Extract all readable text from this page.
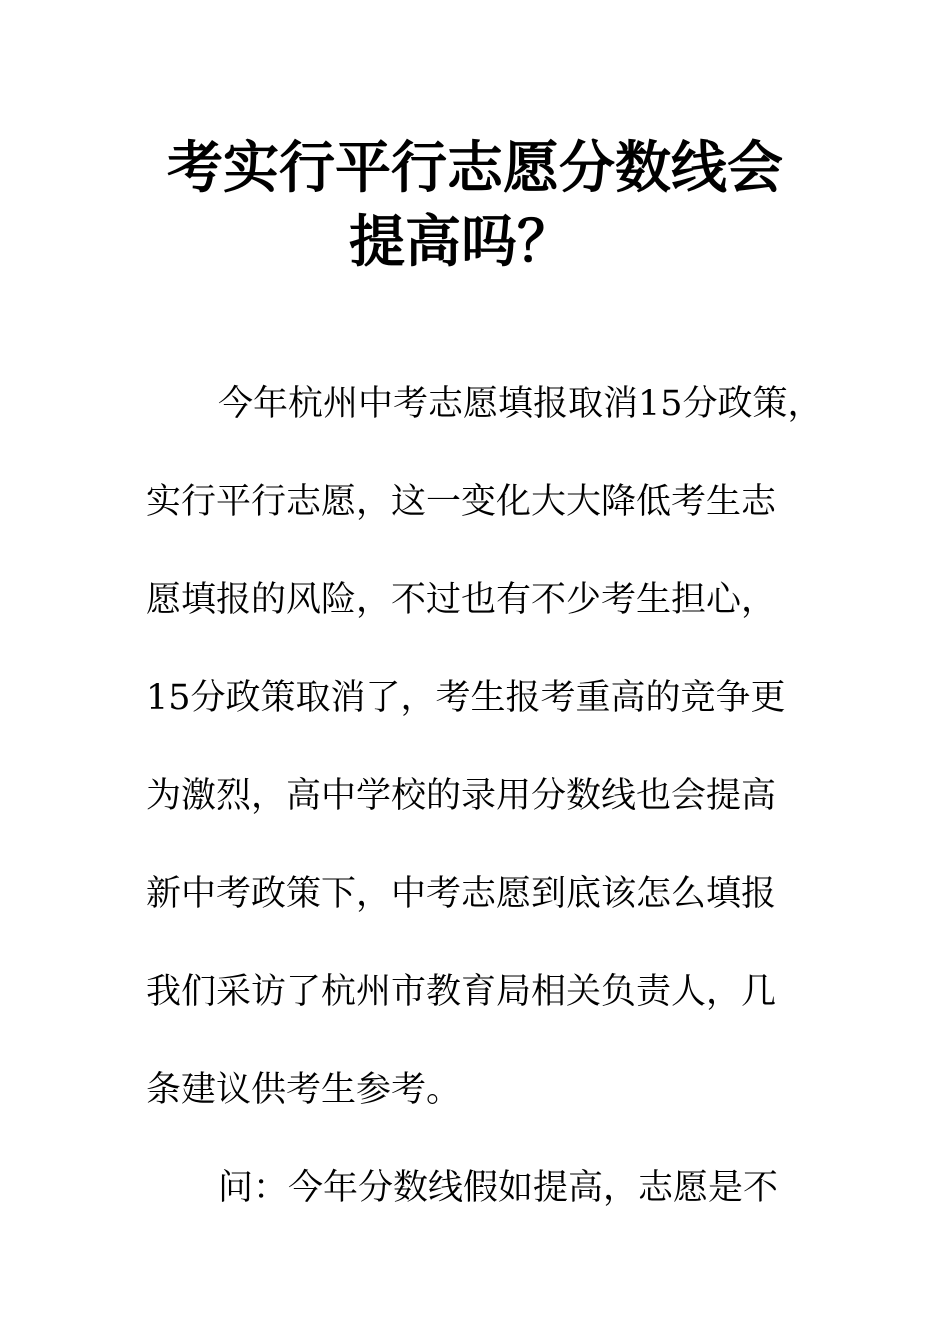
考实行平行志愿分数线会
提高吗？

今年杭州中考志愿填报取消15分政策，

实行平行志愿，这一变化大大降低考生志

愿填报的风险，不过也有不少考生担心，

15分政策取消了，考生报考重高的竞争更

为激烈，高中学校的录用分数线也会提高

新中考政策下，中考志愿到底该怎么填报

我们采访了杭州市教育局相关负责人，几

条建议供考生参考。

问：今年分数线假如提高，志愿是不
